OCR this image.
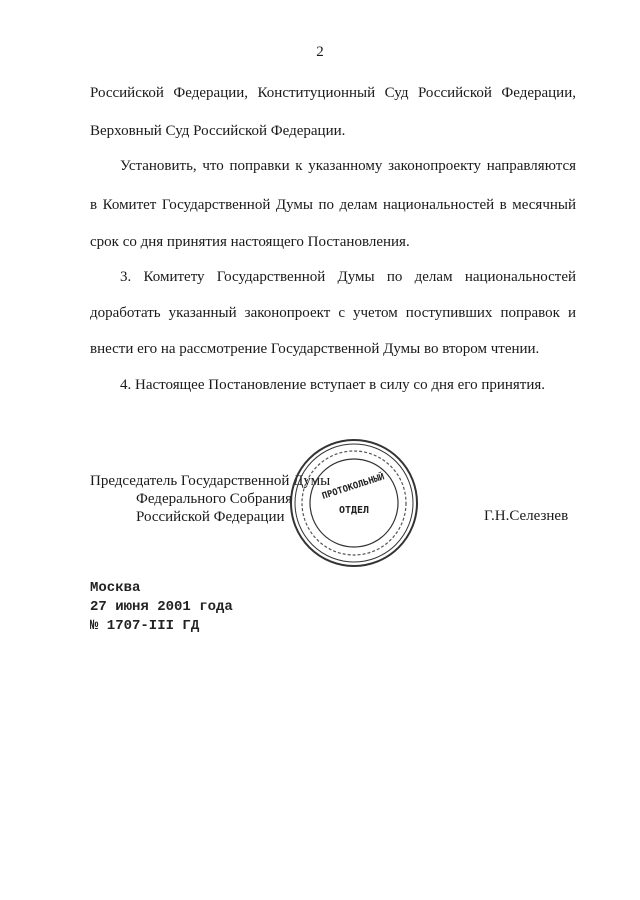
2
Российской Федерации, Конституционный Суд Российской Федерации,
Верховный Суд Российской Федерации.
Установить, что поправки к указанному законопроекту направляются
в Комитет Государственной Думы по делам национальностей в месячный
срок со дня принятия настоящего Постановления.
3. Комитету Государственной Думы по делам национальностей
доработать указанный законопроект с учетом поступивших поправок и
внести его на рассмотрение Государственной Думы во втором чтении.
4. Настоящее Постановление вступает в силу со дня его принятия.
Председатель Государственной Думы
Федерального Собрания
Российской Федерации	Г.Н.Селезнев
ПРОТОКОЛЬНЫЙ
ОТДЕЛ
Москва
27 июня 2001 года
№ 1707-III ГД
